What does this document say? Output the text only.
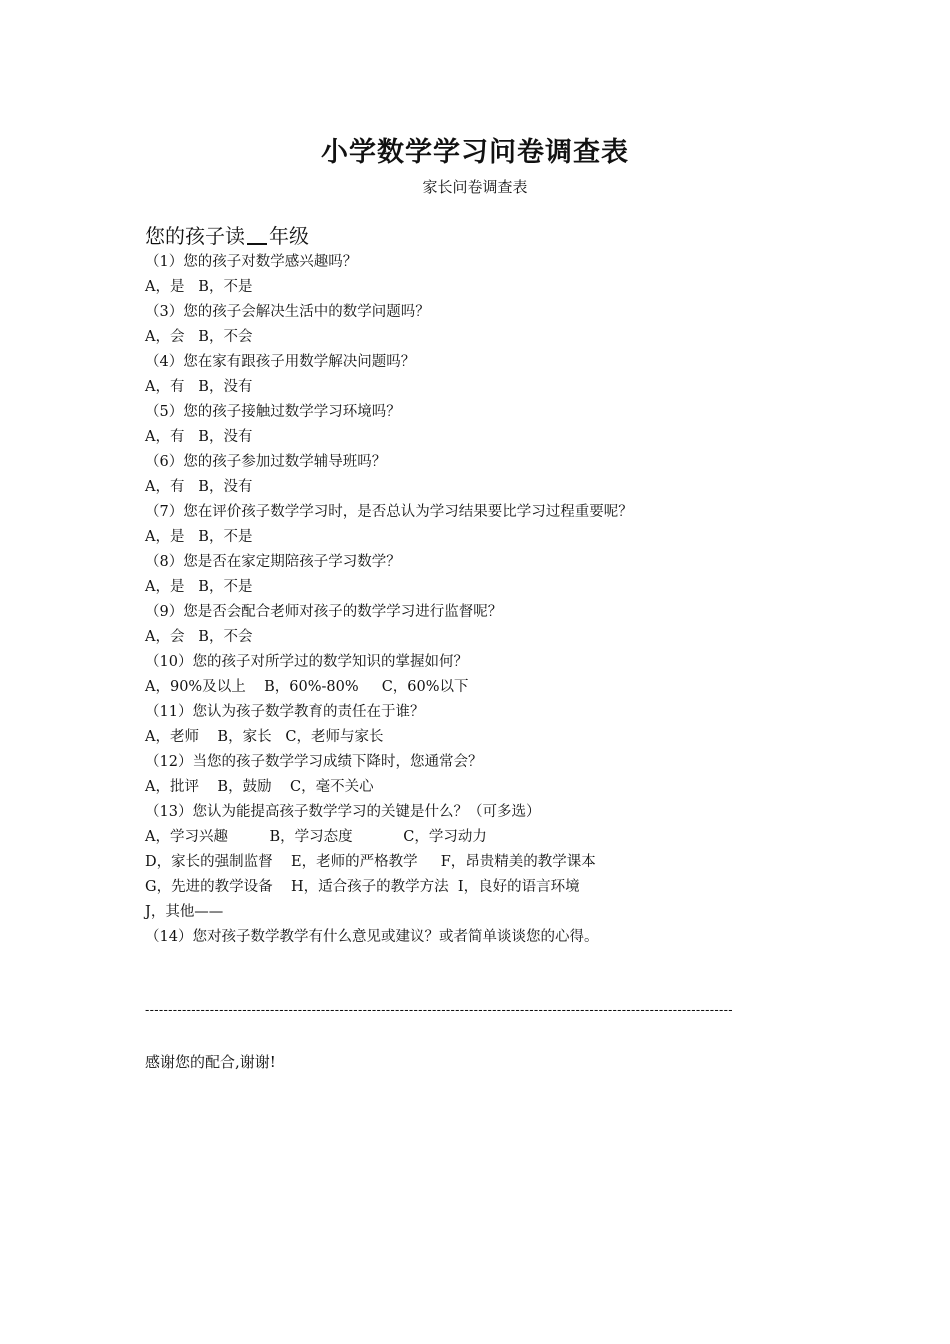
小学数学学习问卷调查表
家长问卷调查表
您的孩子读 年级
（1）您的孩子对数学感兴趣吗？
A，是   B，不是
（3）您的孩子会解决生活中的数学问题吗？
A，会   B，不会
（4）您在家有跟孩子用数学解决问题吗？
A，有   B，没有
（5）您的孩子接触过数学学习环境吗？
A，有   B，没有
（6）您的孩子参加过数学辅导班吗？
A，有   B，没有
（7）您在评价孩子数学学习时，是否总认为学习结果要比学习过程重要呢？
A，是   B，不是
（8）您是否在家定期陪孩子学习数学？
A，是   B，不是
（9）您是否会配合老师对孩子的数学学习进行监督呢？
A，会   B，不会
（10）您的孩子对所学过的数学知识的掌握如何？
A，90%及以上    B，60%-80%     C，60%以下
（11）您认为孩子数学教育的责任在于谁？
A，老师    B，家长   C，老师与家长
（12）当您的孩子数学学习成绩下降时，您通常会？
A，批评    B，鼓励    C，毫不关心
（13）您认为能提高孩子数学学习的关键是什么？（可多选）
A，学习兴趣         B，学习态度           C，学习动力
D，家长的强制监督    E，老师的严格教学     F，昂贵精美的教学课本
G，先进的教学设备    H，适合孩子的教学方法  I，良好的语言环境
J，其他——
（14）您对孩子数学教学有什么意见或建议？或者简单谈谈您的心得。
-------------------------------------------------------------------------------------------------------------------------------
感谢您的配合,谢谢!
